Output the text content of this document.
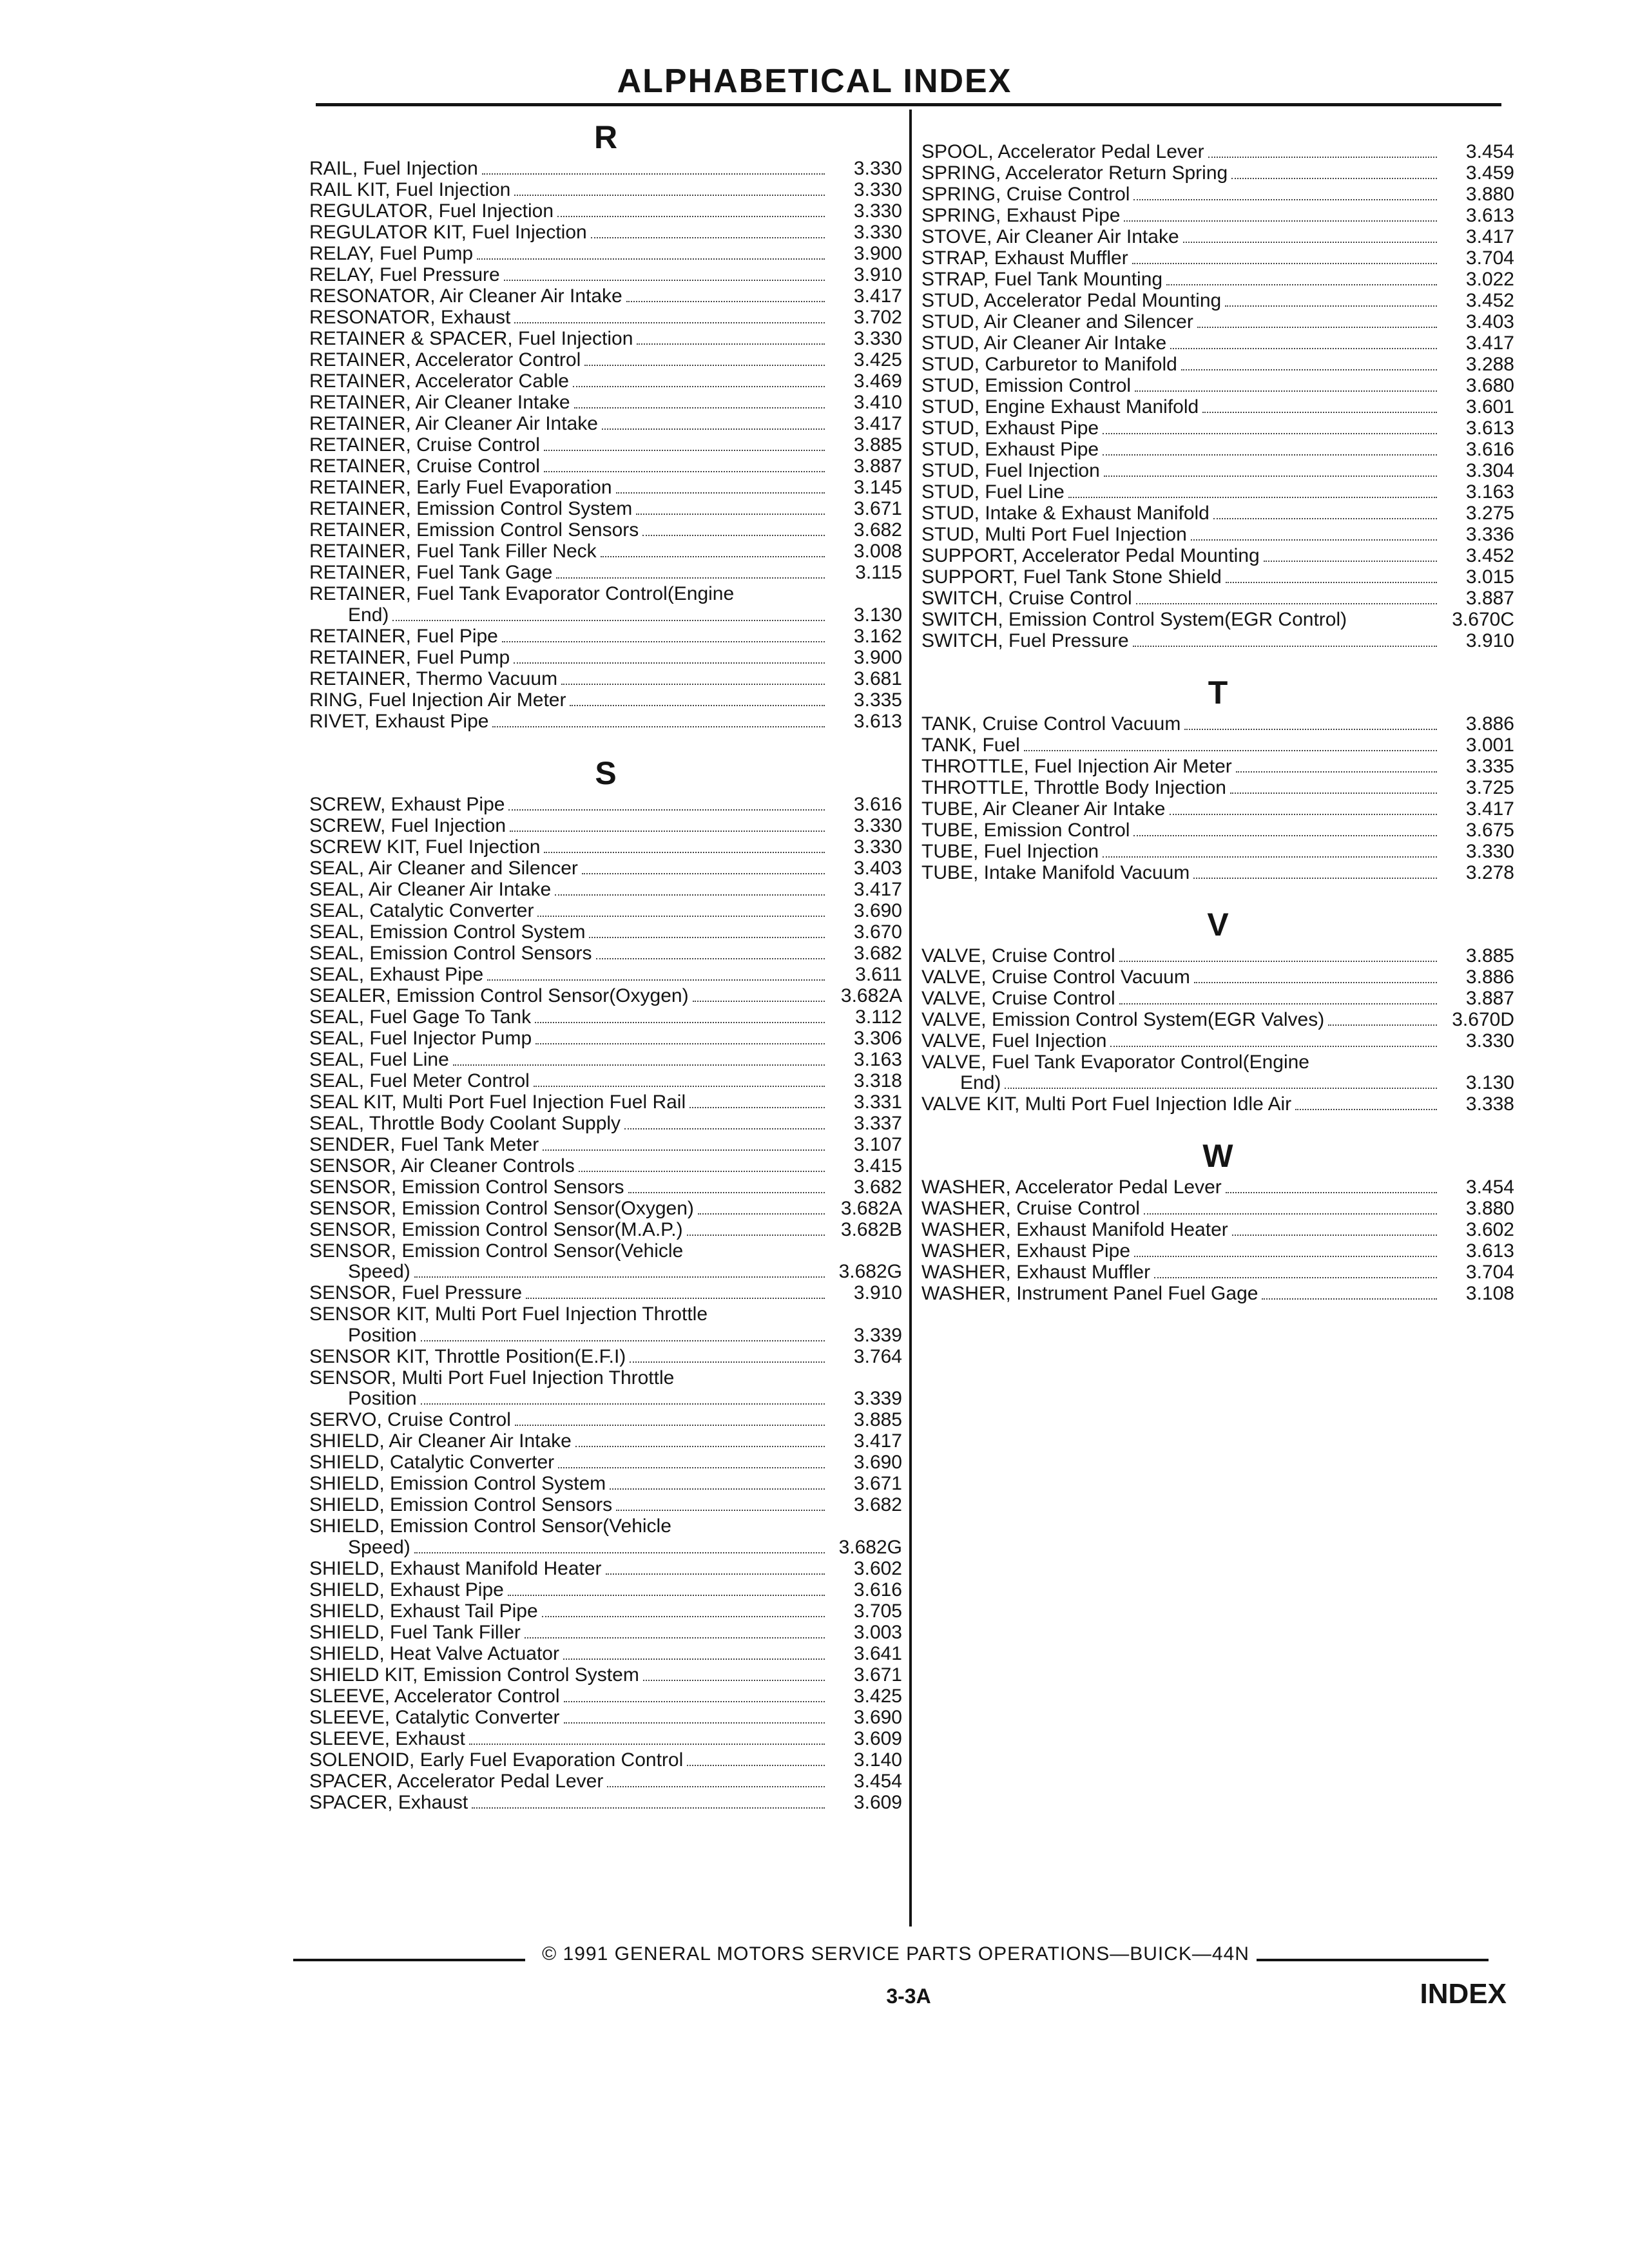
ALPHABETICAL INDEX
R
RAIL, Fuel Injection	3.330
RAIL KIT, Fuel Injection	3.330
REGULATOR, Fuel Injection	3.330
REGULATOR KIT, Fuel Injection	3.330
RELAY, Fuel Pump	3.900
RELAY, Fuel Pressure	3.910
RESONATOR, Air Cleaner Air Intake	3.417
RESONATOR, Exhaust	3.702
RETAINER & SPACER, Fuel Injection	3.330
RETAINER, Accelerator Control	3.425
RETAINER, Accelerator Cable	3.469
RETAINER, Air Cleaner Intake	3.410
RETAINER, Air Cleaner Air Intake	3.417
RETAINER, Cruise Control	3.885
RETAINER, Cruise Control	3.887
RETAINER, Early Fuel Evaporation	3.145
RETAINER, Emission Control System	3.671
RETAINER, Emission Control Sensors	3.682
RETAINER, Fuel Tank Filler Neck	3.008
RETAINER, Fuel Tank Gage	3.115
RETAINER, Fuel Tank Evaporator Control(Engine
End)	3.130
RETAINER, Fuel Pipe	3.162
RETAINER, Fuel Pump	3.900
RETAINER, Thermo Vacuum	3.681
RING, Fuel Injection Air Meter	3.335
RIVET, Exhaust Pipe	3.613
S
SCREW, Exhaust Pipe	3.616
SCREW, Fuel Injection	3.330
SCREW KIT, Fuel Injection	3.330
SEAL, Air Cleaner and Silencer	3.403
SEAL, Air Cleaner Air Intake	3.417
SEAL, Catalytic Converter	3.690
SEAL, Emission Control System	3.670
SEAL, Emission Control Sensors	3.682
SEAL, Exhaust Pipe	3.611
SEALER, Emission Control Sensor(Oxygen)	3.682A
SEAL, Fuel Gage To Tank	3.112
SEAL, Fuel Injector Pump	3.306
SEAL, Fuel Line	3.163
SEAL, Fuel Meter Control	3.318
SEAL KIT, Multi Port Fuel Injection Fuel Rail	3.331
SEAL, Throttle Body Coolant Supply	3.337
SENDER, Fuel Tank Meter	3.107
SENSOR, Air Cleaner Controls	3.415
SENSOR, Emission Control Sensors	3.682
SENSOR, Emission Control Sensor(Oxygen)	3.682A
SENSOR, Emission Control Sensor(M.A.P.)	3.682B
SENSOR, Emission Control Sensor(Vehicle
Speed)	3.682G
SENSOR, Fuel Pressure	3.910
SENSOR KIT, Multi Port Fuel Injection Throttle
Position	3.339
SENSOR KIT, Throttle Position(E.F.I)	3.764
SENSOR, Multi Port Fuel Injection Throttle
Position	3.339
SERVO, Cruise Control	3.885
SHIELD, Air Cleaner Air Intake	3.417
SHIELD, Catalytic Converter	3.690
SHIELD, Emission Control System	3.671
SHIELD, Emission Control Sensors	3.682
SHIELD, Emission Control Sensor(Vehicle
Speed)	3.682G
SHIELD, Exhaust Manifold Heater	3.602
SHIELD, Exhaust Pipe	3.616
SHIELD, Exhaust Tail Pipe	3.705
SHIELD, Fuel Tank Filler	3.003
SHIELD, Heat Valve Actuator	3.641
SHIELD KIT, Emission Control System	3.671
SLEEVE, Accelerator Control	3.425
SLEEVE, Catalytic Converter	3.690
SLEEVE, Exhaust	3.609
SOLENOID, Early Fuel Evaporation Control	3.140
SPACER, Accelerator Pedal Lever	3.454
SPACER, Exhaust	3.609
SPOOL, Accelerator Pedal Lever	3.454
SPRING, Accelerator Return Spring	3.459
SPRING, Cruise Control	3.880
SPRING, Exhaust Pipe	3.613
STOVE, Air Cleaner Air Intake	3.417
STRAP, Exhaust Muffler	3.704
STRAP, Fuel Tank Mounting	3.022
STUD, Accelerator Pedal Mounting	3.452
STUD, Air Cleaner and Silencer	3.403
STUD, Air Cleaner Air Intake	3.417
STUD, Carburetor to Manifold	3.288
STUD, Emission Control	3.680
STUD, Engine Exhaust Manifold	3.601
STUD, Exhaust Pipe	3.613
STUD, Exhaust Pipe	3.616
STUD, Fuel Injection	3.304
STUD, Fuel Line	3.163
STUD, Intake & Exhaust Manifold	3.275
STUD, Multi Port Fuel Injection	3.336
SUPPORT, Accelerator Pedal Mounting	3.452
SUPPORT, Fuel Tank Stone Shield	3.015
SWITCH, Cruise Control	3.887
SWITCH, Emission Control System(EGR Control)	3.670C
SWITCH, Fuel Pressure	3.910
T
TANK, Cruise Control Vacuum	3.886
TANK, Fuel	3.001
THROTTLE, Fuel Injection Air Meter	3.335
THROTTLE, Throttle Body Injection	3.725
TUBE, Air Cleaner Air Intake	3.417
TUBE, Emission Control	3.675
TUBE, Fuel Injection	3.330
TUBE, Intake Manifold Vacuum	3.278
V
VALVE, Cruise Control	3.885
VALVE, Cruise Control Vacuum	3.886
VALVE, Cruise Control	3.887
VALVE, Emission Control System(EGR Valves)	3.670D
VALVE, Fuel Injection	3.330
VALVE, Fuel Tank Evaporator Control(Engine
End)	3.130
VALVE KIT, Multi Port Fuel Injection Idle Air	3.338
W
WASHER, Accelerator Pedal Lever	3.454
WASHER, Cruise Control	3.880
WASHER, Exhaust Manifold Heater	3.602
WASHER, Exhaust Pipe	3.613
WASHER, Exhaust Muffler	3.704
WASHER, Instrument Panel Fuel Gage	3.108
© 1991 GENERAL MOTORS SERVICE PARTS OPERATIONS—BUICK—44N
3-3A	INDEX
